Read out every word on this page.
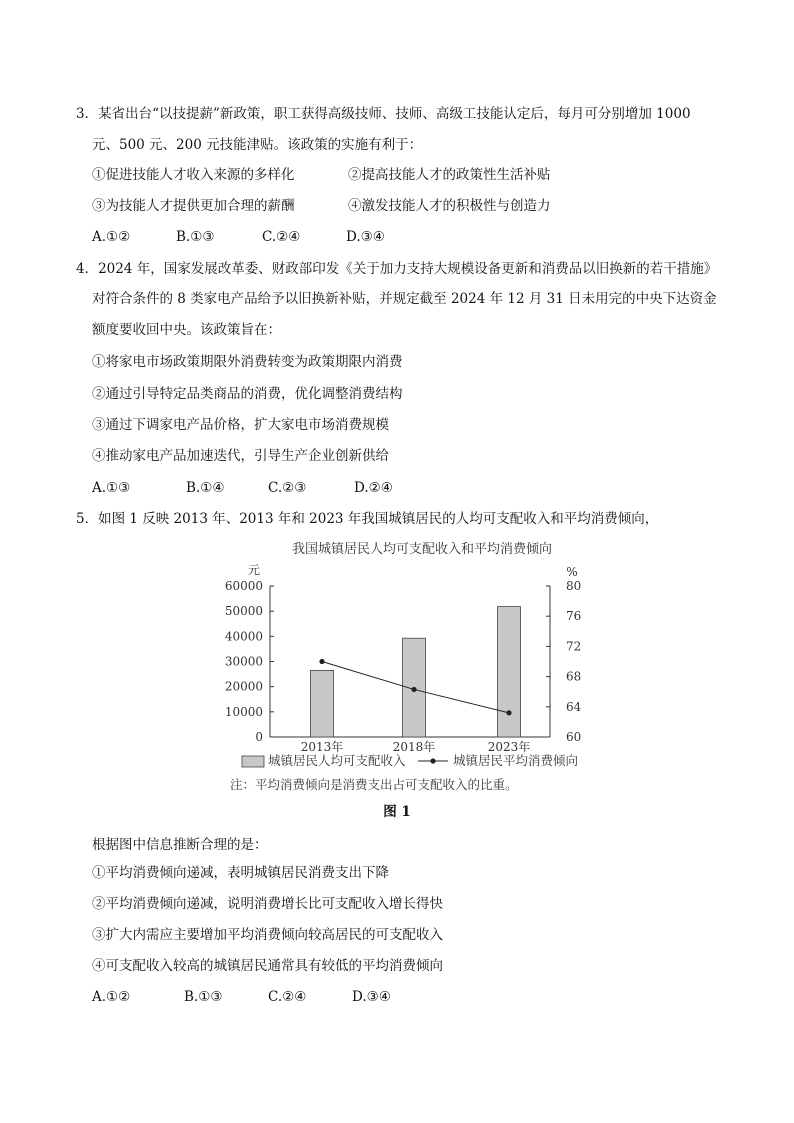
3．某省出台“以技提薪”新政策，职工获得高级技师、技师、高级工技能认定后，每月可分别增加 1000
元、500 元、200 元技能津贴。该政策的实施有利于：
①促进技能人才收入来源的多样化	②提高技能人才的政策性生活补贴
③为技能人才提供更加合理的薪酬	④激发技能人才的积极性与创造力
A.①②	B.①③	C.②④	D.③④
4．2024 年，国家发展改革委、财政部印发《关于加力支持大规模设备更新和消费品以旧换新的若干措施》
对符合条件的 8 类家电产品给予以旧换新补贴，并规定截至 2024 年 12 月 31 日未用完的中央下达资金
额度要收回中央。该政策旨在：
①将家电市场政策期限外消费转变为政策期限内消费
②通过引导特定品类商品的消费，优化调整消费结构
③通过下调家电产品价格，扩大家电市场消费规模
④推动家电产品加速迭代，引导生产企业创新供给
A.①③	B.①④	C.②③	D.②④
5．如图 1 反映 2013 年、2013 年和 2023 年我国城镇居民的人均可支配收入和平均消费倾向，
我国城镇居民人均可支配收入和平均消费倾向
元	%
0
10000
20000
30000
40000
50000
60000
60
64
68
72
76
80
2013年	2018年	2023年
城镇居民人均可支配收入	城镇居民平均消费倾向
注：平均消费倾向是消费支出占可支配收入的比重。
图 1
根据图中信息推断合理的是：
①平均消费倾向递减，表明城镇居民消费支出下降
②平均消费倾向递减，说明消费增长比可支配收入增长得快
③扩大内需应主要增加平均消费倾向较高居民的可支配收入
④可支配收入较高的城镇居民通常具有较低的平均消费倾向
A.①②	B.①③	C.②④	D.③④
